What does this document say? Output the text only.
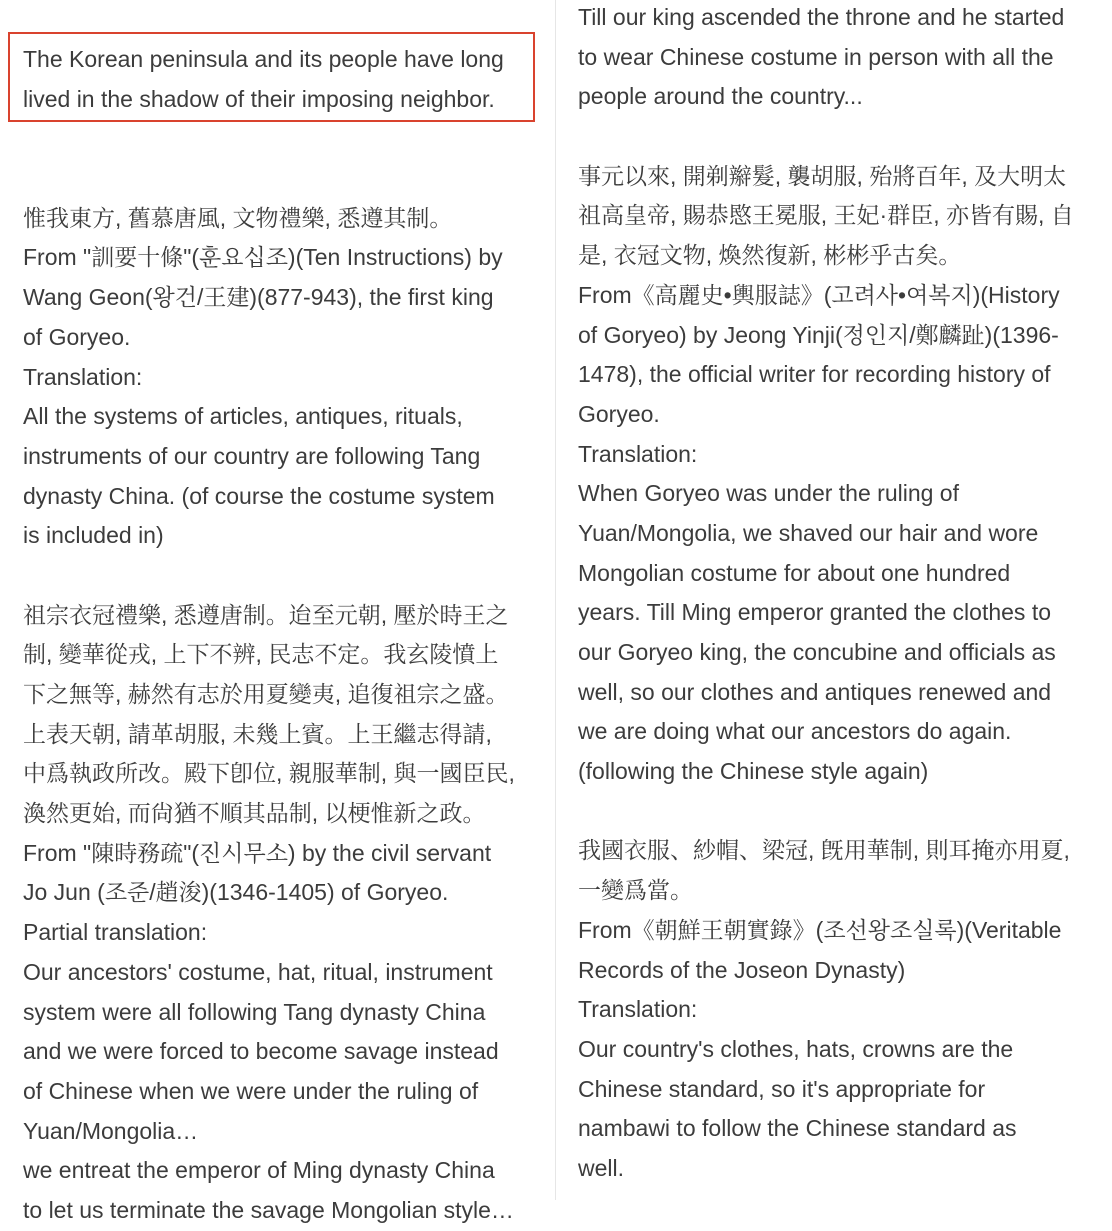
The Korean peninsula and its people have long
lived in the shadow of their imposing neighbor.
惟我東方, 舊慕唐風, 文物禮樂, 悉遵其制。
From "訓要十條"(훈요십조)(Ten Instructions) by
Wang Geon(왕건/王建)(877-943), the first king
of Goryeo.
Translation:
All the systems of articles, antiques, rituals,
instruments of our country are following Tang
dynasty China. (of course the costume system
is included in)
祖宗衣冠禮樂, 悉遵唐制。迨至元朝, 壓於時王之
制, 變華從戎, 上下不辨, 民志不定。我玄陵憤上
下之無等, 赫然有志於用夏變夷, 追復祖宗之盛。
上表天朝, 請革胡服, 未幾上賓。上王繼志得請,
中爲執政所改。殿下卽位, 親服華制, 與一國臣民,
渙然更始, 而尙猶不順其品制, 以梗惟新之政。
From "陳時務疏"(진시무소) by the civil servant
Jo Jun (조준/趙浚)(1346-1405) of Goryeo.
Partial translation:
Our ancestors' costume, hat, ritual, instrument
system were all following Tang dynasty China
and we were forced to become savage instead
of Chinese when we were under the ruling of
Yuan/Mongolia…
we entreat the emperor of Ming dynasty China
to let us terminate the savage Mongolian style…
Till our king ascended the throne and he started
to wear Chinese costume in person with all the
people around the country...
事元以來, 開剃辮髮, 襲胡服, 殆將百年, 及大明太
祖高皇帝, 賜恭愍王冕服, 王妃·群臣, 亦皆有賜, 自
是, 衣冠文物, 煥然復新, 彬彬乎古矣。
From《高麗史•輿服誌》(고려사•여복지)(History
of Goryeo) by Jeong Yinji(정인지/鄭麟趾)(1396-
1478), the official writer for recording history of
Goryeo.
Translation:
When Goryeo was under the ruling of
Yuan/Mongolia, we shaved our hair and wore
Mongolian costume for about one hundred
years. Till Ming emperor granted the clothes to
our Goryeo king, the concubine and officials as
well, so our clothes and antiques renewed and
we are doing what our ancestors do again.
(following the Chinese style again)
我國衣服、紗帽、梁冠, 旣用華制, 則耳掩亦用夏,
一變爲當。
From《朝鮮王朝實錄》(조선왕조실록)(Veritable
Records of the Joseon Dynasty)
Translation:
Our country's clothes, hats, crowns are the
Chinese standard, so it's appropriate for
nambawi to follow the Chinese standard as
well.
